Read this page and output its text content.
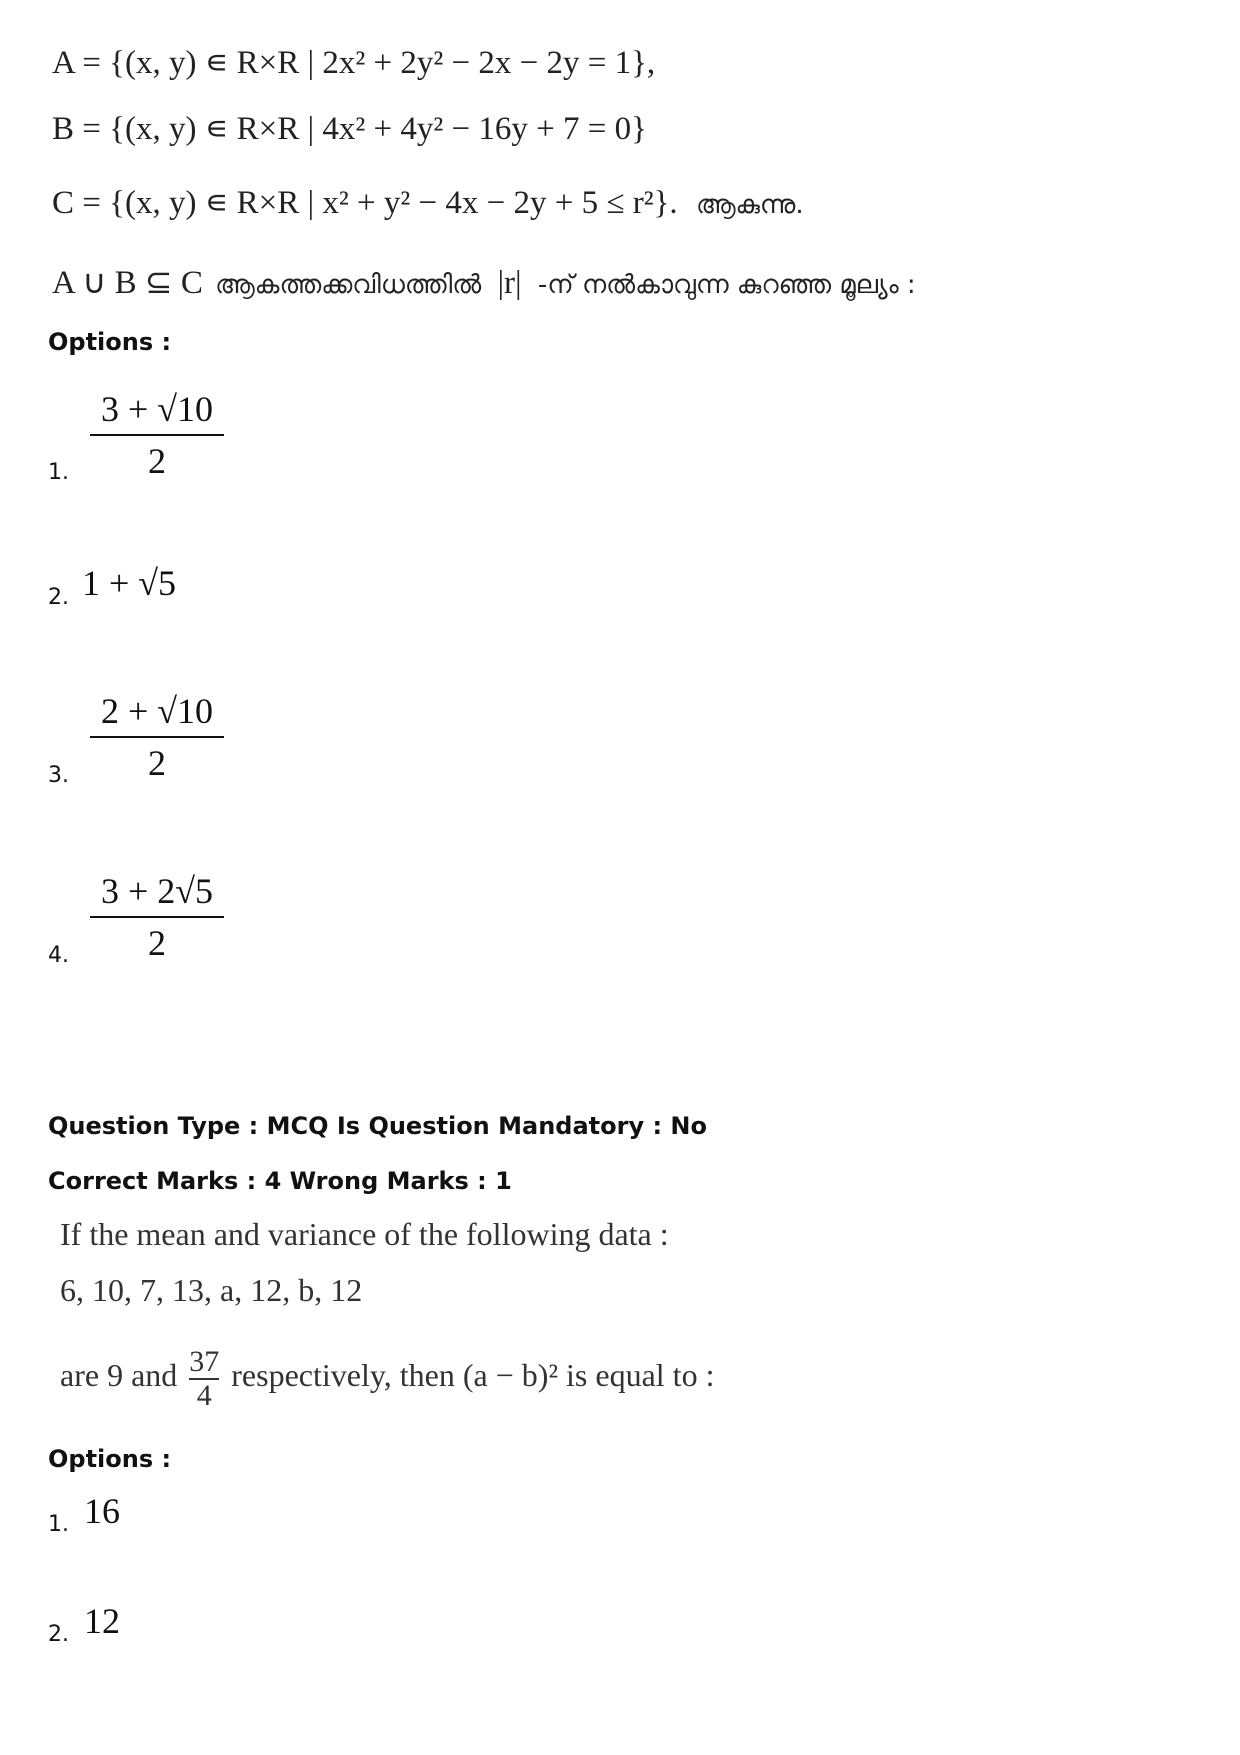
A = {(x, y) ∊ R×R | 2x² + 2y² − 2x − 2y = 1},
B = {(x, y) ∊ R×R | 4x² + 4y² − 16y + 7 = 0}
C = {(x, y) ∊ R×R | x² + y² − 4x − 2y + 5 ≤ r²}. ആകുന്നു.
A ∪ B ⊆ C ആകത്തക്കവിധത്തിൽ |r| -ന് നൽകാവുന്ന കുറഞ്ഞ മൂല്യം :
Options :
1.
3 + √10
2
2. 1 + √5
3.
2 + √10
2
4.
3 + 2√5
2
Question Type : MCQ Is Question Mandatory : No
Correct Marks : 4 Wrong Marks : 1
If the mean and variance of the following data :
6, 10, 7, 13, a, 12, b, 12
are 9 and $\frac{37}{4}$ respectively, then (a − b)² is equal to :
Options :
1. 16
2. 12
